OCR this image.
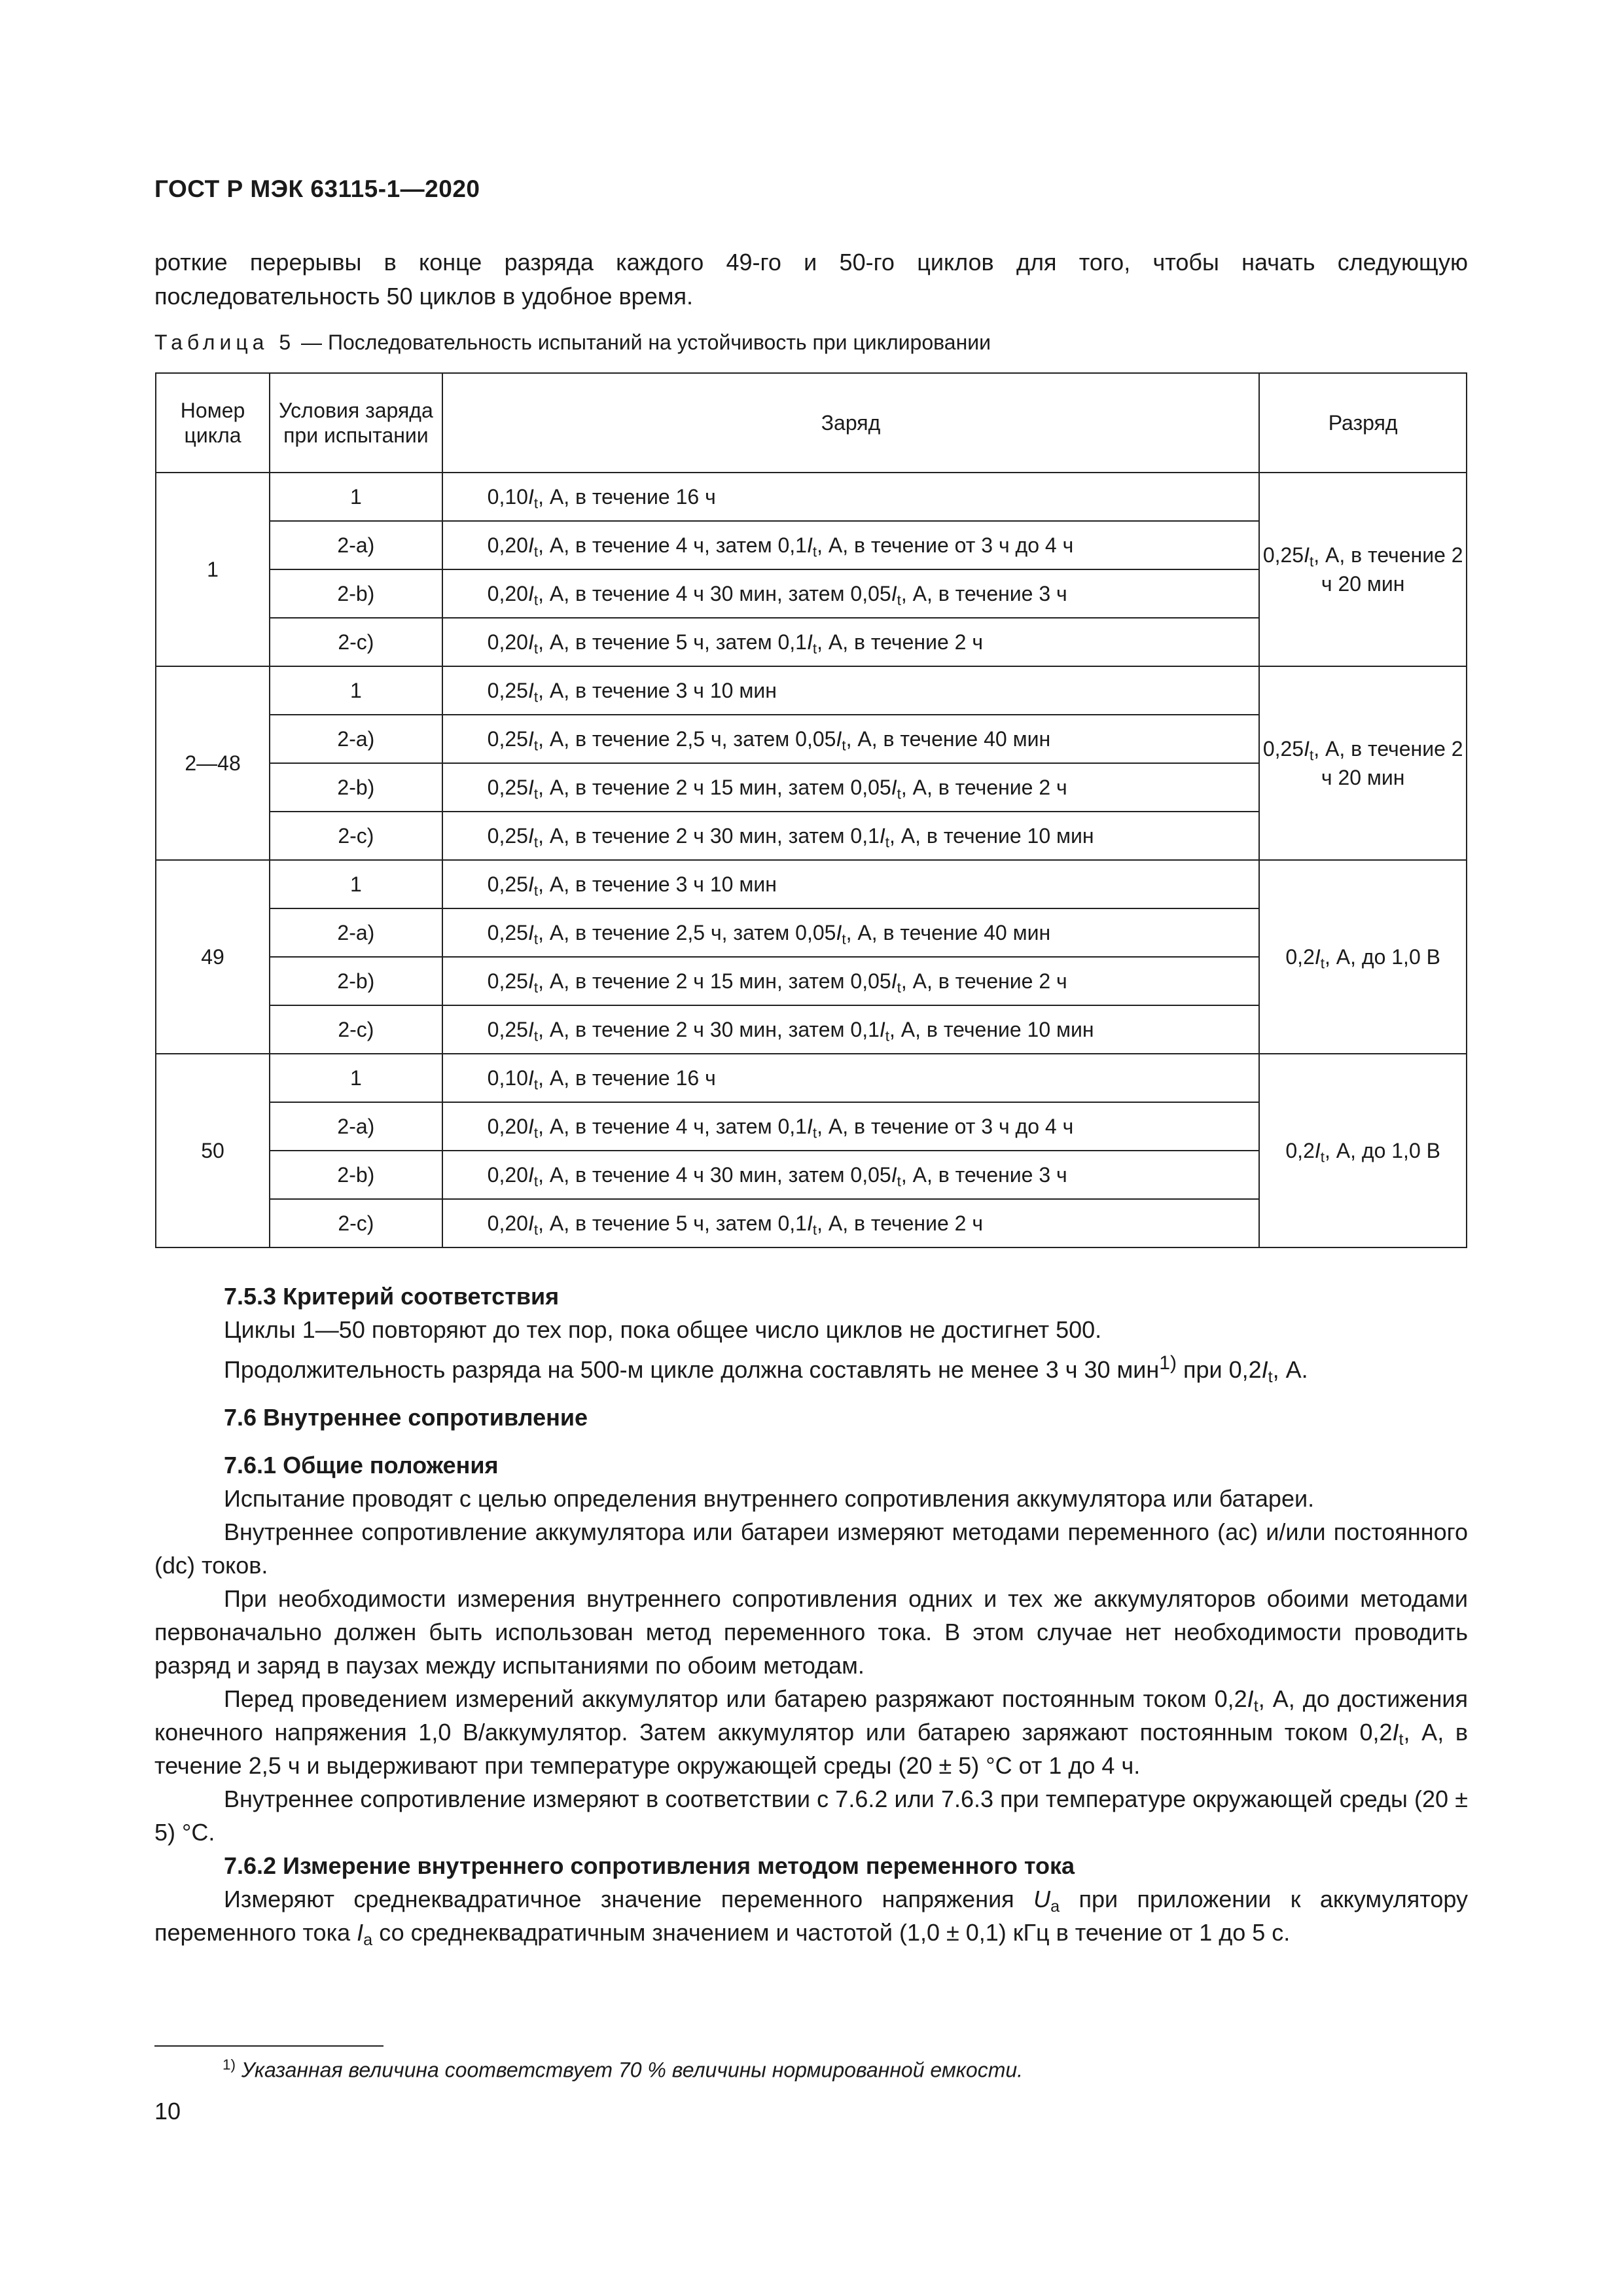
ГОСТ Р МЭК 63115-1—2020
роткие перерывы в конце разряда каждого 49-го и 50-го циклов для того, чтобы начать следующую последовательность 50 циклов в удобное время.
Таблица 5 — Последовательность испытаний на устойчивость при циклировании
Номер цикла	Условия заряда при испытании	Заряд	Разряд
1	1	$0,10I_t$, А, в течение 16 ч	$0,25I_t$, А, в течение 2 ч 20 мин
	2-a)	$0,20I_t$, А, в течение 4 ч, затем $0,1I_t$, А, в течение от 3 ч до 4 ч	
	2-b)	$0,20I_t$, А, в течение 4 ч 30 мин, затем $0,05I_t$, А, в течение 3 ч	
	2-c)	$0,20I_t$, А, в течение 5 ч, затем $0,1I_t$, А, в течение 2 ч	
2—48	1	$0,25I_t$, А, в течение 3 ч 10 мин	$0,25I_t$, А, в течение 2 ч 20 мин
	2-a)	$0,25I_t$, А, в течение 2,5 ч, затем $0,05I_t$, А, в течение 40 мин	
	2-b)	$0,25I_t$, А, в течение 2 ч 15 мин, затем $0,05I_t$, А, в течение 2 ч	
	2-c)	$0,25I_t$, А, в течение 2 ч 30 мин, затем $0,1I_t$, А, в течение 10 мин	
49	1	$0,25I_t$, А, в течение 3 ч 10 мин	$0,2I_t$, А, до 1,0 В
	2-a)	$0,25I_t$, А, в течение 2,5 ч, затем $0,05I_t$, А, в течение 40 мин	
	2-b)	$0,25I_t$, А, в течение 2 ч 15 мин, затем $0,05I_t$, А, в течение 2 ч	
	2-c)	$0,25I_t$, А, в течение 2 ч 30 мин, затем $0,1I_t$, А, в течение 10 мин	
50	1	$0,10I_t$, А, в течение 16 ч	$0,2I_t$, А, до 1,0 В
	2-a)	$0,20I_t$, А, в течение 4 ч, затем $0,1I_t$, А, в течение от 3 ч до 4 ч	
	2-b)	$0,20I_t$, А, в течение 4 ч 30 мин, затем $0,05I_t$, А, в течение 3 ч	
	2-c)	$0,20I_t$, А, в течение 5 ч, затем $0,1I_t$, А, в течение 2 ч	
7.5.3 Критерий соответствия

Циклы 1—50 повторяют до тех пор, пока общее число циклов не достигнет 500.

Продолжительность разряда на 500-м цикле должна составлять не менее 3 ч 30 мин$^{1)}$ при $0,2I_t$, А.

7.6 Внутреннее сопротивление
7.6.1 Общие положения

Испытание проводят с целью определения внутреннего сопротивления аккумулятора или батареи.

Внутреннее сопротивление аккумулятора или батареи измеряют методами переменного (ac) и/или постоянного (dc) токов.

При необходимости измерения внутреннего сопротивления одних и тех же аккумуляторов обоими методами первоначально должен быть использован метод переменного тока. В этом случае нет необходимости проводить разряд и заряд в паузах между испытаниями по обоим методам.

Перед проведением измерений аккумулятор или батарею разряжают постоянным током $0,2I_t$, А, до достижения конечного напряжения 1,0 В/аккумулятор. Затем аккумулятор или батарею заряжают постоянным током $0,2I_t$, А, в течение 2,5 ч и выдерживают при температуре окружающей среды (20 ± 5) °С от 1 до 4 ч.

Внутреннее сопротивление измеряют в соответствии с 7.6.2 или 7.6.3 при температуре окружающей среды (20 ± 5) °С.

7.6.2 Измерение внутреннего сопротивления методом переменного тока

Измеряют среднеквадратичное значение переменного напряжения $U_a$ при приложении к аккумулятору переменного тока $I_a$ со среднеквадратичным значением и частотой (1,0 ± 0,1) кГц в течение от 1 до 5 с.

$^{1)}$ Указанная величина соответствует 70 % величины нормированной емкости.
10
